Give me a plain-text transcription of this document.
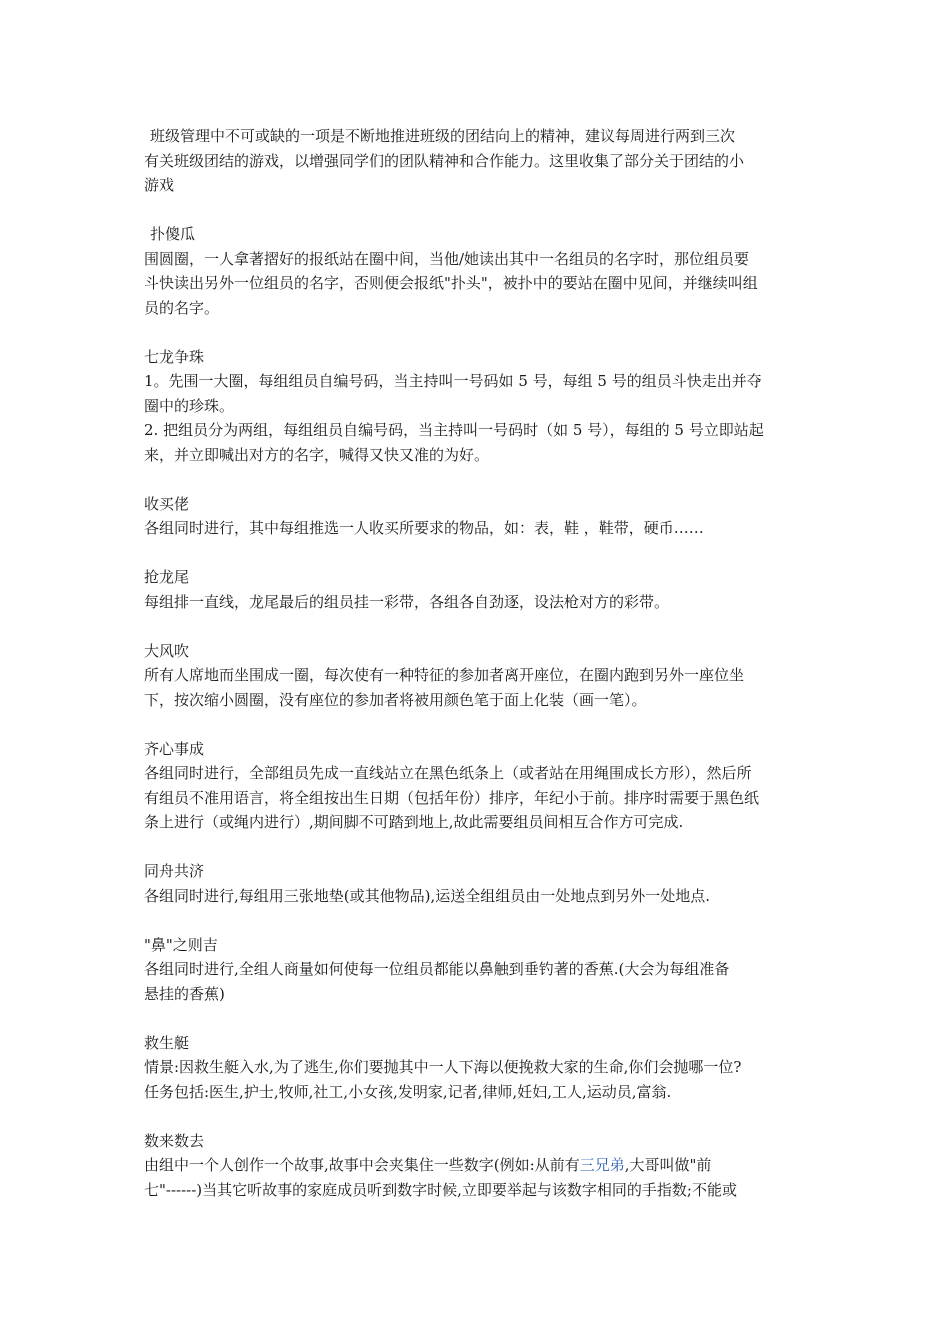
班级管理中不可或缺的一项是不断地推进班级的团结向上的精神，建议每周进行两到三次
有关班级团结的游戏，以增强同学们的团队精神和合作能力。这里收集了部分关于团结的小
游戏
扑傻瓜
围圆圈，一人拿著摺好的报纸站在圈中间，当他/她读出其中一名组员的名字时，那位组员要
斗快读出另外一位组员的名字，否则便会报纸"扑头"，被扑中的要站在圈中见间，并继续叫组
员的名字。
七龙争珠
1。先围一大圈，每组组员自编号码，当主持叫一号码如 5 号，每组 5 号的组员斗快走出并夺
圈中的珍珠。
2. 把组员分为两组，每组组员自编号码，当主持叫一号码时（如 5 号），每组的 5 号立即站起
来，并立即喊出对方的名字，喊得又快又准的为好。
收买佬
各组同时进行，其中每组推选一人收买所要求的物品，如：表，鞋 ，鞋带，硬币……
抢龙尾
每组排一直线，龙尾最后的组员挂一彩带，各组各自劲逐，设法枪对方的彩带。
大风吹
所有人席地而坐围成一圈，每次使有一种特征的参加者离开座位，在圈内跑到另外一座位坐
下，按次缩小圆圈，没有座位的参加者将被用颜色笔于面上化装（画一笔）。
齐心事成
各组同时进行，全部组员先成一直线站立在黑色纸条上（或者站在用绳围成长方形），然后所
有组员不准用语言，将全组按出生日期（包括年份）排序，年纪小于前。排序时需要于黑色纸
条上进行（或绳内进行）,期间脚不可踏到地上,故此需要组员间相互合作方可完成.
同舟共济
各组同时进行,每组用三张地垫(或其他物品),运送全组组员由一处地点到另外一处地点.
"鼻"之则吉
各组同时进行,全组人商量如何使每一位组员都能以鼻触到垂钓著的香蕉.(大会为每组准备
悬挂的香蕉)
救生艇
情景:因救生艇入水,为了逃生,你们要抛其中一人下海以便挽救大家的生命,你们会抛哪一位?
任务包括:医生,护士,牧师,社工,小女孩,发明家,记者,律师,妊妇,工人,运动员,富翁.
数来数去
由组中一个人创作一个故事,故事中会夹集住一些数字(例如:从前有三兄弟,大哥叫做"前
七"------)当其它听故事的家庭成员听到数字时候,立即要举起与该数字相同的手指数;不能或
